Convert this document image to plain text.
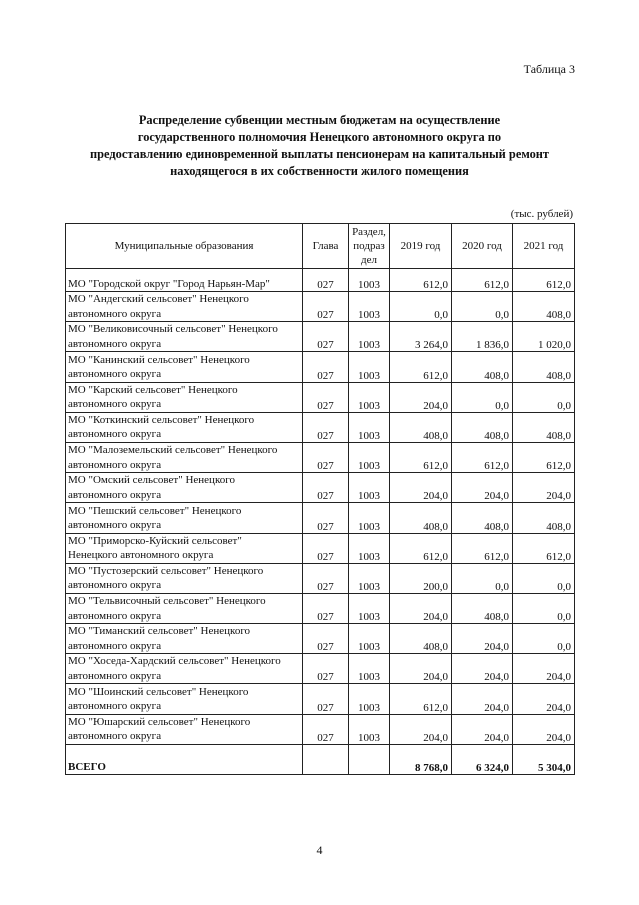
Таблица 3
Распределение субвенции местным бюджетам на осуществление
государственного полномочия Ненецкого автономного округа по
предоставлению единовременной выплаты пенсионерам на капитальный ремонт
находящегося в их собственности жилого помещения
(тыс. рублей)
Муниципальные образования	Глава	Раздел,
подраз
дел	2019 год	2020 год	2021 год

МО "Городской округ "Город Нарьян-Мар"	027	1003	612,0	612,0	612,0

МО "Андегский сельсовет" Ненецкого
автономного округа	027	1003	0,0	0,0	408,0

МО "Великовисочный сельсовет" Ненецкого
автономного округа	027	1003	3 264,0	1 836,0	1 020,0

МО "Канинский сельсовет" Ненецкого
автономного округа	027	1003	612,0	408,0	408,0

МО "Карский сельсовет" Ненецкого
автономного округа	027	1003	204,0	0,0	0,0

МО "Коткинский сельсовет" Ненецкого
автономного округа	027	1003	408,0	408,0	408,0

МО "Малоземельский сельсовет" Ненецкого
автономного округа	027	1003	612,0	612,0	612,0

МО "Омский сельсовет" Ненецкого
автономного округа	027	1003	204,0	204,0	204,0

МО "Пешский сельсовет" Ненецкого
автономного округа	027	1003	408,0	408,0	408,0

МО "Приморско-Куйский сельсовет"
Ненецкого автономного округа	027	1003	612,0	612,0	612,0

МО "Пустозерский сельсовет" Ненецкого
автономного округа	027	1003	200,0	0,0	0,0

МО "Тельвисочный сельсовет" Ненецкого
автономного округа	027	1003	204,0	408,0	0,0

МО "Тиманский сельсовет" Ненецкого
автономного округа	027	1003	408,0	204,0	0,0

МО "Хоседа-Хардский сельсовет" Ненецкого
автономного округа	027	1003	204,0	204,0	204,0

МО "Шоинский сельсовет" Ненецкого
автономного округа	027	1003	612,0	204,0	204,0

МО "Юшарский сельсовет" Ненецкого
автономного округа	027	1003	204,0	204,0	204,0
ВСЕГО			8 768,0	6 324,0	5 304,0
4
